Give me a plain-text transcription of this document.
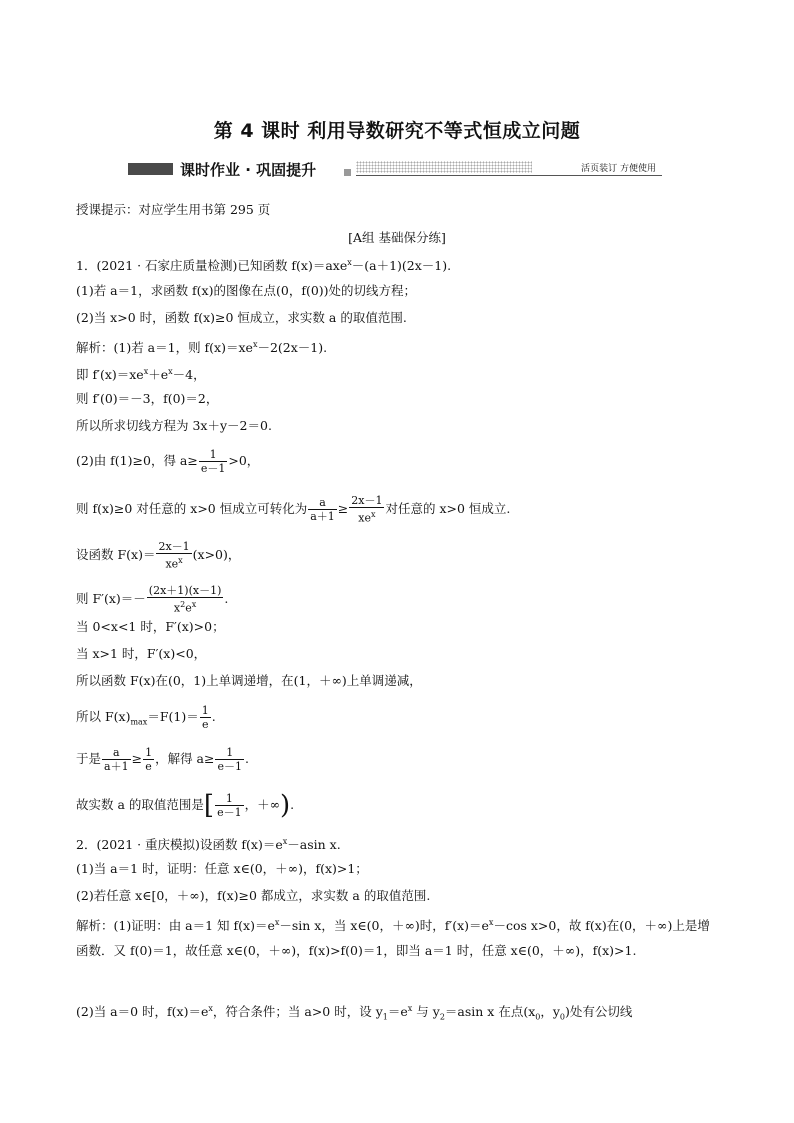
第 4 课时 利用导数研究不等式恒成立问题
课时作业 · 巩固提升	活页装订 方便使用
授课提示：对应学生用书第 295 页
[A组 基础保分练]
1．(2021 · 石家庄质量检测)已知函数 f(x)＝axe$^x$－(a＋1)(2x－1).
(1)若 a＝1，求函数 f(x)的图像在点(0，f(0))处的切线方程；
(2)当 x>0 时，函数 f(x)≥0 恒成立，求实数 a 的取值范围.
解析：(1)若 a＝1，则 $f(x)=xe^x-2(2x-1)$.
即 $f'(x)=xe^x+e^x-4$，
则 f′(0)＝－3，f(0)＝2，
所以所求切线方程为 3x＋y－2＝0.
(2)由 f(1)≥0，得 $a\ge \frac{1}{e-1} >0$，
则 f(x)≥0 对任意的 x>0 恒成立可转化为 $\frac{a}{a+1} \ge \frac{2x-1}{xe^x}$ 对任意的 x>0 恒成立.
设函数 $F(x)= \frac{2x-1}{xe^x} (x>0)$，
则 $F'(x)=- \frac{(2x+1)(x-1)}{x^2e^x}$ .
当 0<x<1 时，F′(x)>0；
当 x>1 时，F′(x)<0，
所以函数 F(x)在(0，1)上单调递增，在(1，＋∞)上单调递减，
所以 $F(x)_{max}=F(1)= \frac{1}{e}$ .
于是 $\frac{a}{a+1} \ge \frac{1}{e}$ ，解得 $a\ge \frac{1}{e-1}$ .
故实数 a 的取值范围是[ $\frac{1}{e-1}$ ，＋∞).
2．(2021 · 重庆模拟)设函数 $f(x)=e^x-asin$ x.
(1)当 a＝1 时，证明：任意 x∈(0，＋∞)，f(x)>1；
(2)若任意 x∈[0，＋∞)，f(x)≥0 都成立，求实数 a 的取值范围.
解析：(1)证明：由 a＝1 知 $f(x)=e^x-\sin$ x，当 x∈(0，＋∞)时，$f'(x)=e^x-\cos$ x>0，故 f(x)在(0，＋∞)上是增函数．又 f(0)＝1，故任意 x∈(0，＋∞)，f(x)>f(0)＝1，即当 a＝1 时，任意 x∈(0，＋∞)，f(x)>1.
(2)当 a＝0 时，$f(x)=e^x$，符合条件；当 a>0 时，设 $y_1=e^x$ 与 $y_2=asin$ x 在点($x_0$，$y_0$)处有公切线
